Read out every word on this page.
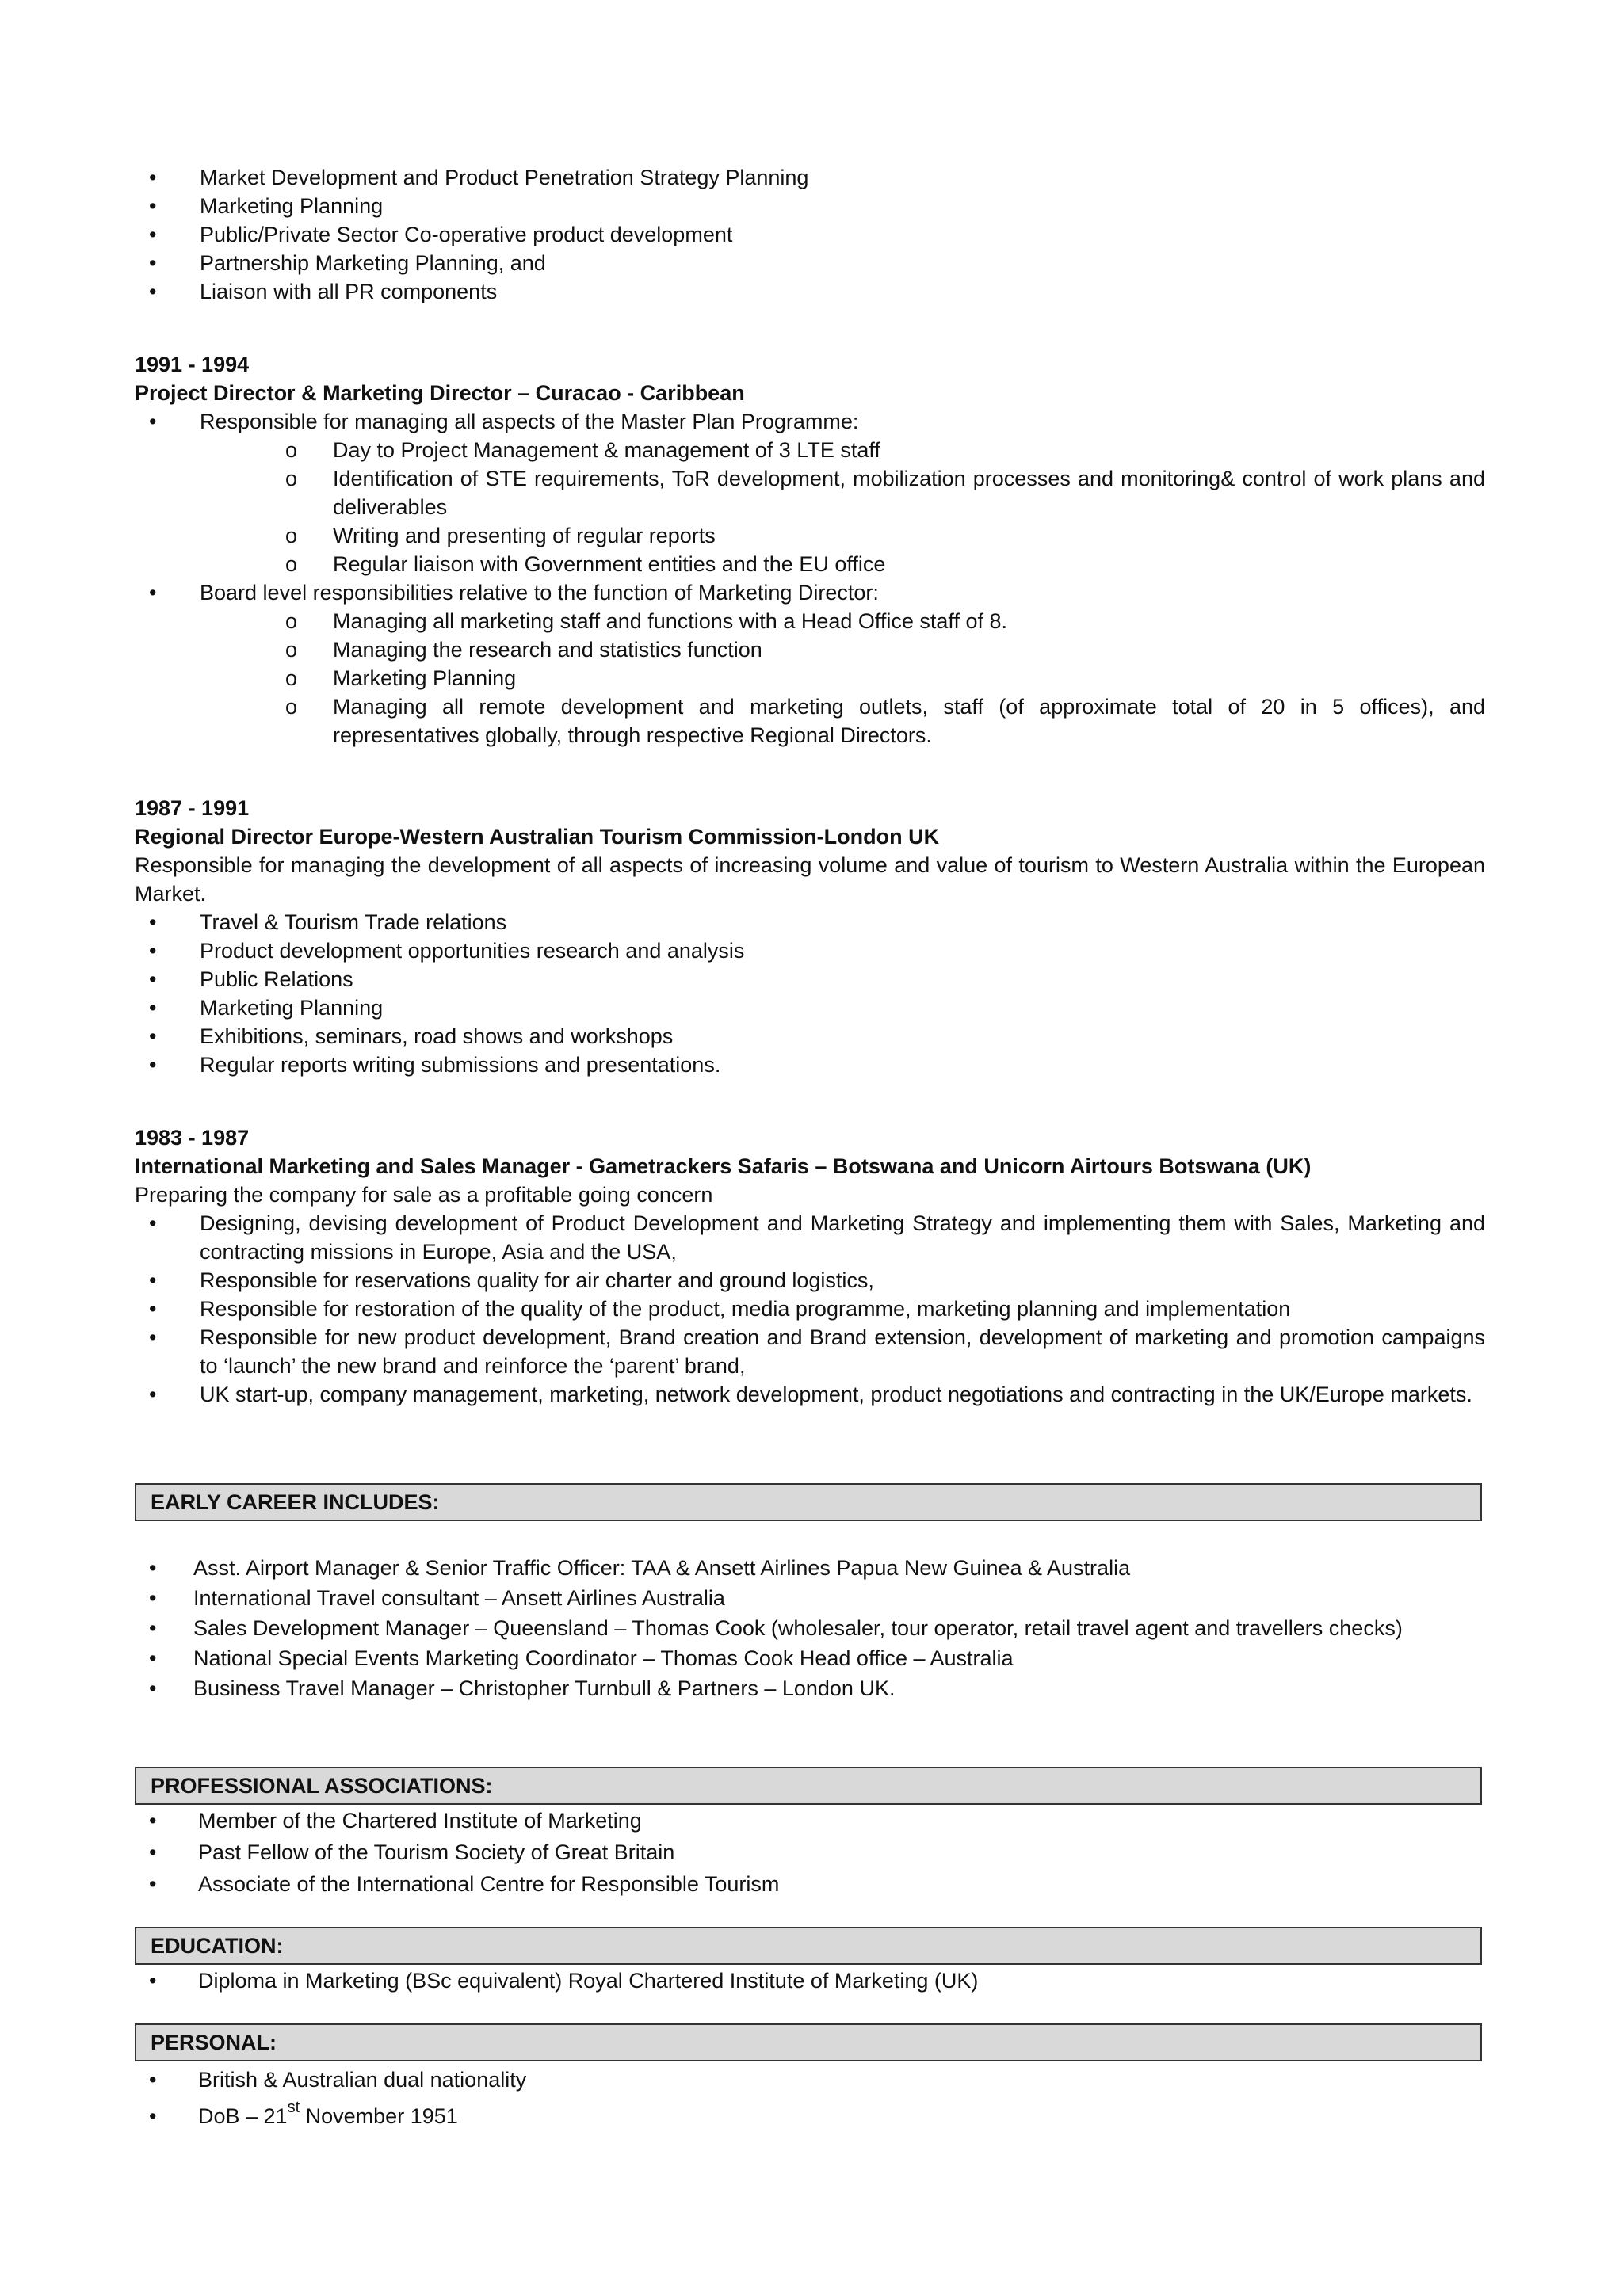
• Market Development and Product Penetration Strategy Planning
• Marketing Planning
• Public/Private Sector Co-operative product development
• Partnership Marketing Planning, and
• Liaison with all PR components
1991 - 1994
Project Director & Marketing Director – Curacao - Caribbean
• Responsible for managing all aspects of the Master Plan Programme:
o Day to Project Management & management of 3 LTE staff
o Identification of STE requirements, ToR development, mobilization processes and monitoring& control of work plans and deliverables
o Writing and presenting of regular reports
o Regular liaison with Government entities and the EU office
• Board level responsibilities relative to the function of Marketing Director:
o Managing all marketing staff and functions with a Head Office staff of 8.
o Managing the research and statistics function
o Marketing Planning
o Managing all remote development and marketing outlets, staff (of approximate total of 20 in 5 offices), and representatives globally, through respective Regional Directors.
1987 - 1991
Regional Director Europe-Western Australian Tourism Commission-London UK
Responsible for managing the development of all aspects of increasing volume and value of tourism to Western Australia within the European Market.
• Travel & Tourism Trade relations
• Product development opportunities research and analysis
• Public Relations
• Marketing Planning
• Exhibitions, seminars, road shows and workshops
• Regular reports writing submissions and presentations.
1983 - 1987
International Marketing and Sales Manager - Gametrackers Safaris – Botswana and Unicorn Airtours Botswana (UK)
Preparing the company for sale as a profitable going concern
• Designing, devising development of Product Development and Marketing Strategy and implementing them with Sales, Marketing and contracting missions in Europe, Asia and the USA,
• Responsible for reservations quality for air charter and ground logistics,
• Responsible for restoration of the quality of the product, media programme, marketing planning and implementation
• Responsible for new product development, Brand creation and Brand extension, development of marketing and promotion campaigns to ‘launch’ the new brand and reinforce the ‘parent’ brand,
• UK start-up, company management, marketing, network development, product negotiations and contracting in the UK/Europe markets.
EARLY CAREER INCLUDES:
• Asst. Airport Manager & Senior Traffic Officer: TAA & Ansett Airlines Papua New Guinea & Australia
• International Travel consultant – Ansett Airlines Australia
• Sales Development Manager – Queensland – Thomas Cook (wholesaler, tour operator, retail travel agent and travellers checks)
• National Special Events Marketing Coordinator – Thomas Cook Head office – Australia
• Business Travel Manager – Christopher Turnbull & Partners – London UK.
PROFESSIONAL ASSOCIATIONS:
• Member of the Chartered Institute of Marketing
• Past Fellow of the Tourism Society of Great Britain
• Associate of the International Centre for Responsible Tourism
EDUCATION:
• Diploma in Marketing (BSc equivalent) Royal Chartered Institute of Marketing (UK)
PERSONAL:
• British & Australian dual nationality
• DoB – 21st November 1951
